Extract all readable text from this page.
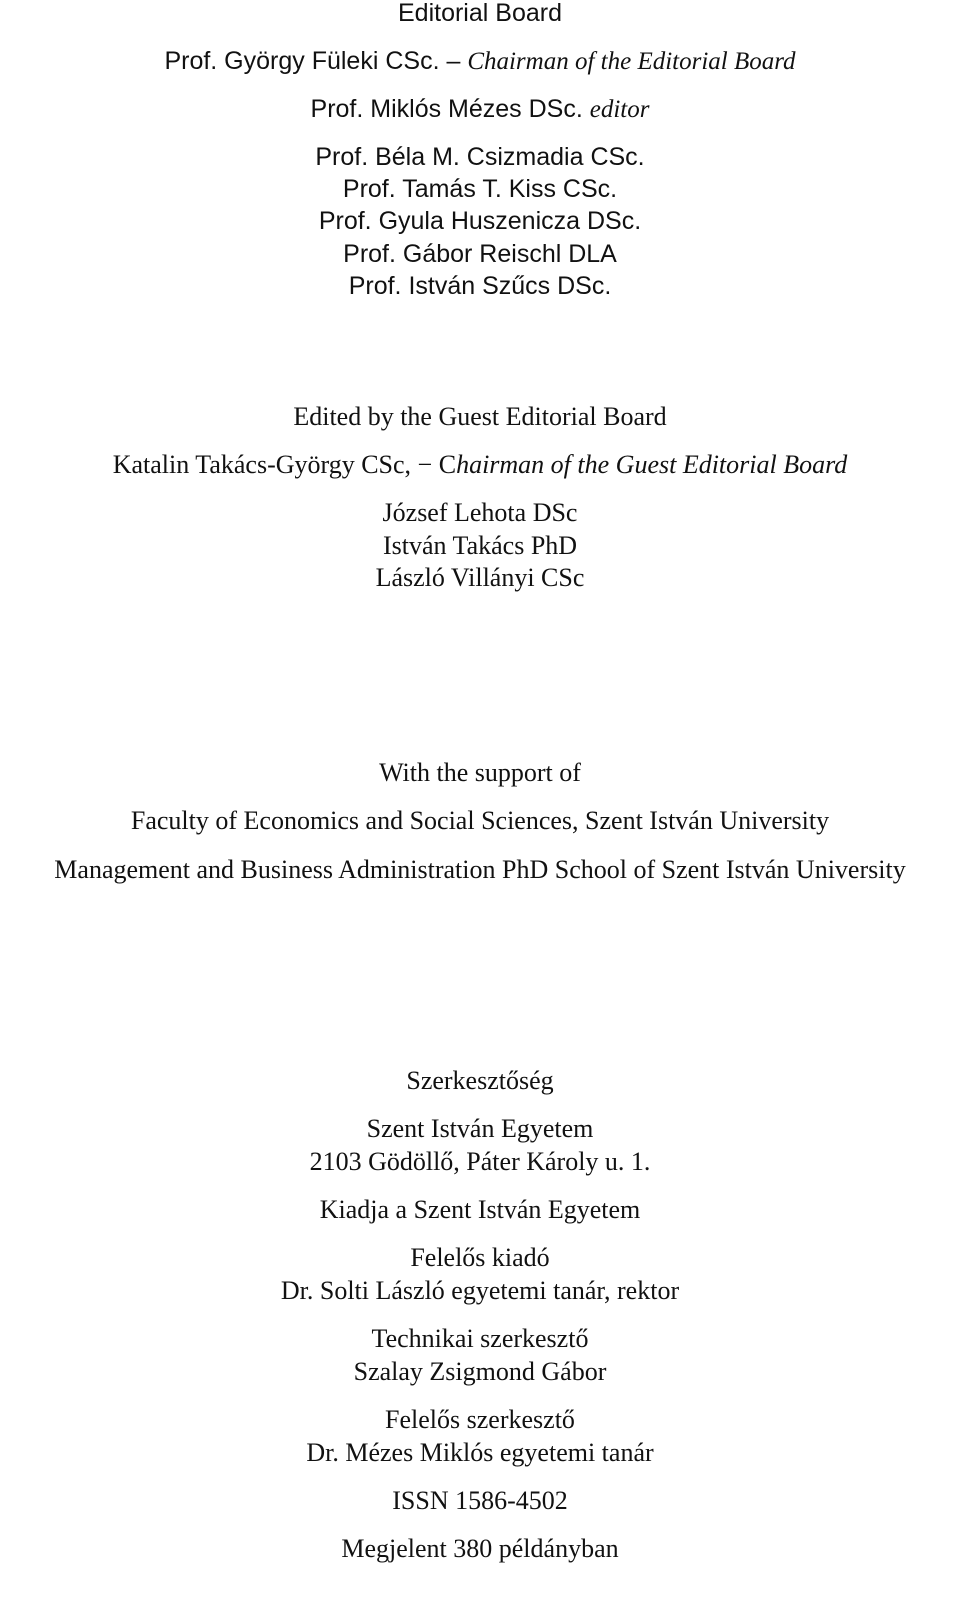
Editorial Board
Prof. György Füleki CSc. – Chairman of the Editorial Board
Prof. Miklós Mézes DSc. editor
Prof. Béla M. Csizmadia CSc.
Prof. Tamás T. Kiss CSc.
Prof. Gyula Huszenicza DSc.
Prof. Gábor Reischl DLA
Prof. István Szűcs DSc.
Edited by the Guest Editorial Board
Katalin Takács-György CSc, − Chairman of the Guest Editorial Board
József Lehota DSc
István Takács PhD
László Villányi CSc
With the support of
Faculty of Economics and Social Sciences, Szent István University
Management and Business Administration PhD School of Szent István University
Szerkesztőség
Szent István Egyetem
2103 Gödöllő, Páter Károly u. 1.
Kiadja a Szent István Egyetem
Felelős kiadó
Dr. Solti László egyetemi tanár, rektor
Technikai szerkesztő
Szalay Zsigmond Gábor
Felelős szerkesztő
Dr. Mézes Miklós egyetemi tanár
ISSN 1586-4502
Megjelent 380 példányban
